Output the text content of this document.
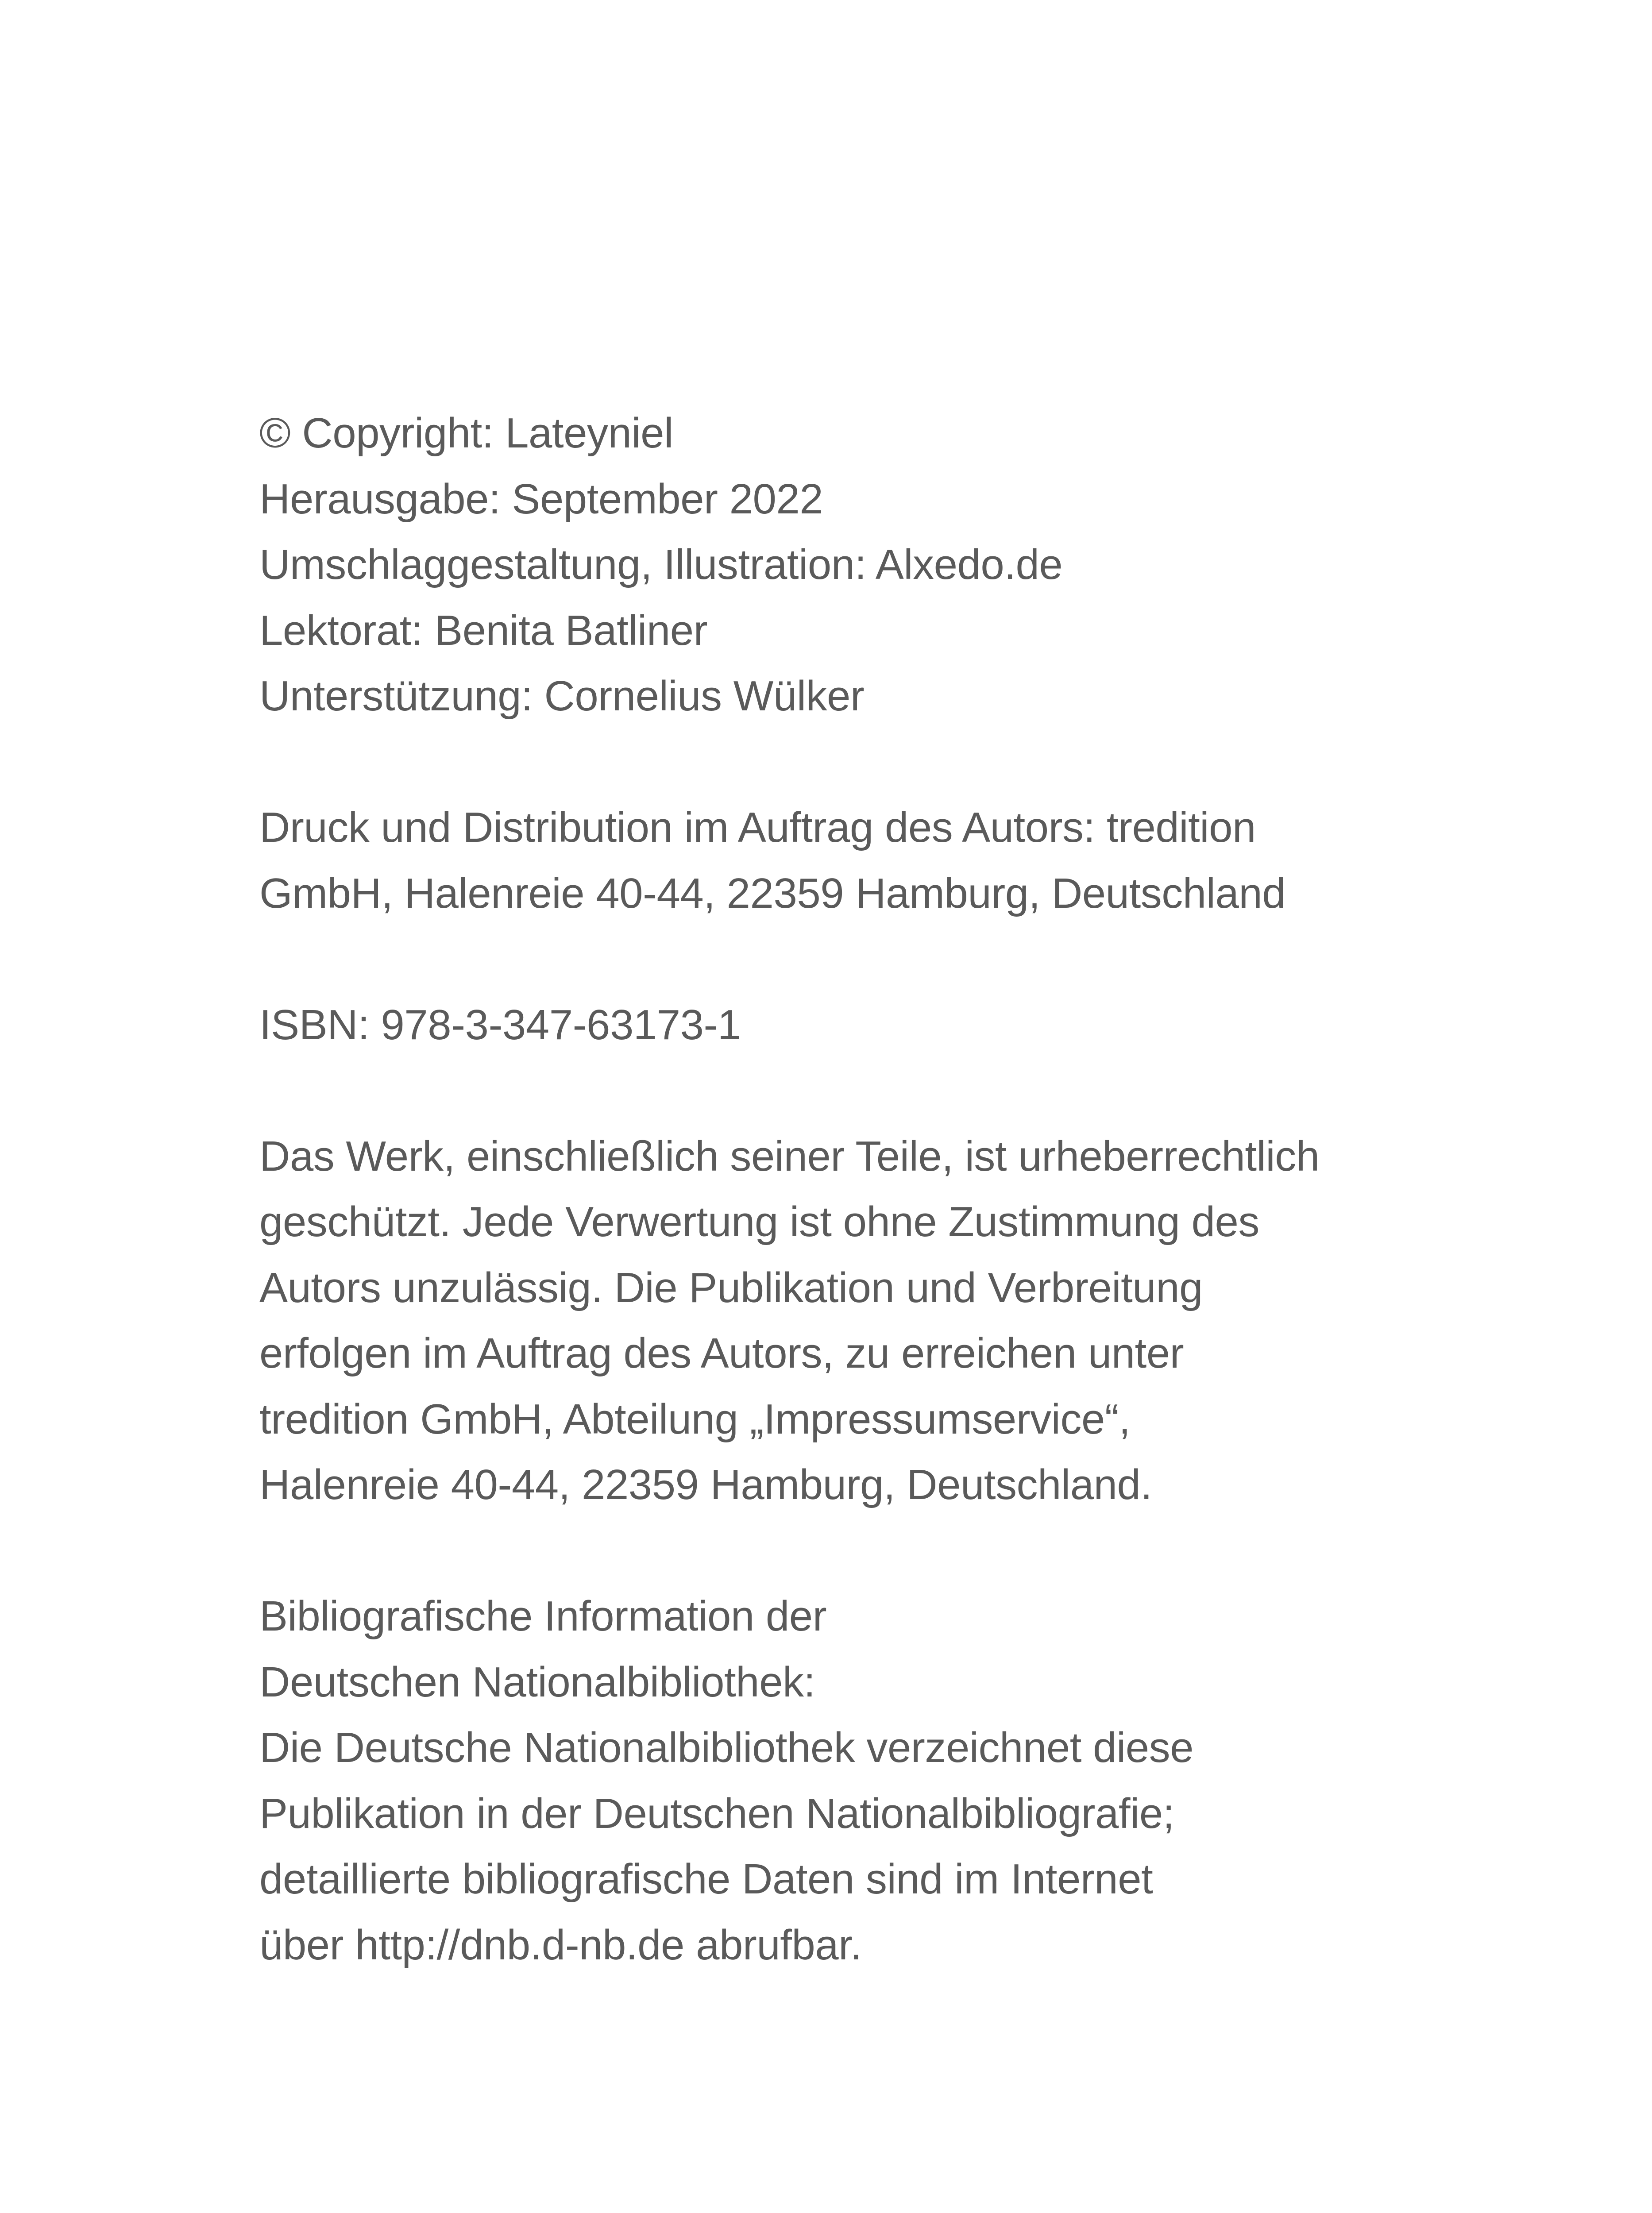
© Copyright: Lateyniel
Herausgabe: September 2022
Umschlaggestaltung, Illustration: Alxedo.de
Lektorat: Benita Batliner
Unterstützung: Cornelius Wülker
Druck und Distribution im Auftrag des Autors: tredition
GmbH, Halenreie 40-44, 22359 Hamburg, Deutschland
ISBN: 978-3-347-63173-1
Das Werk, einschließlich seiner Teile, ist urheberrechtlich
geschützt. Jede Verwertung ist ohne Zustimmung des
Autors unzulässig. Die Publikation und Verbreitung
erfolgen im Auftrag des Autors, zu erreichen unter
tredition GmbH, Abteilung „Impressumservice“,
Halenreie 40-44, 22359 Hamburg, Deutschland.
Bibliografische Information der
Deutschen Nationalbibliothek:
Die Deutsche Nationalbibliothek verzeichnet diese
Publikation in der Deutschen Nationalbibliografie;
detaillierte bibliografische Daten sind im Internet
über http://dnb.d-nb.de abrufbar.
